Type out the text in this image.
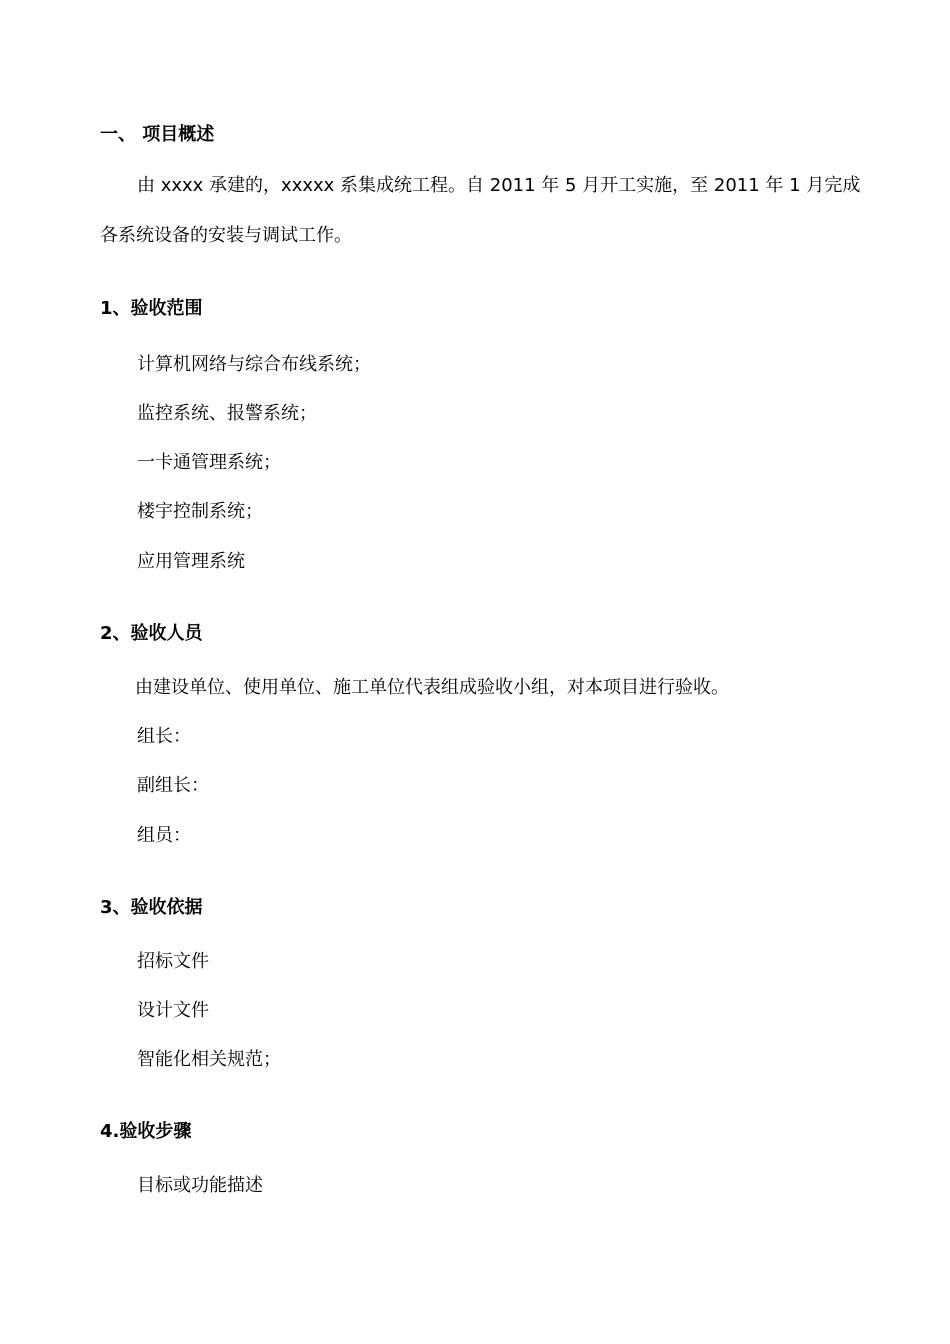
一、 项目概述
由 xxxx 承建的，xxxxx 系集成统工程。自 2011 年 5 月开工实施，至 2011 年 1 月完成
各系统设备的安装与调试工作。
1、验收范围
计算机网络与综合布线系统；
监控系统、报警系统；
一卡通管理系统；
楼宇控制系统；
应用管理系统
2、验收人员
由建设单位、使用单位、施工单位代表组成验收小组，对本项目进行验收。
组长：
副组长：
组员：
3、验收依据
招标文件
设计文件
智能化相关规范；
4.验收步骤
目标或功能描述
